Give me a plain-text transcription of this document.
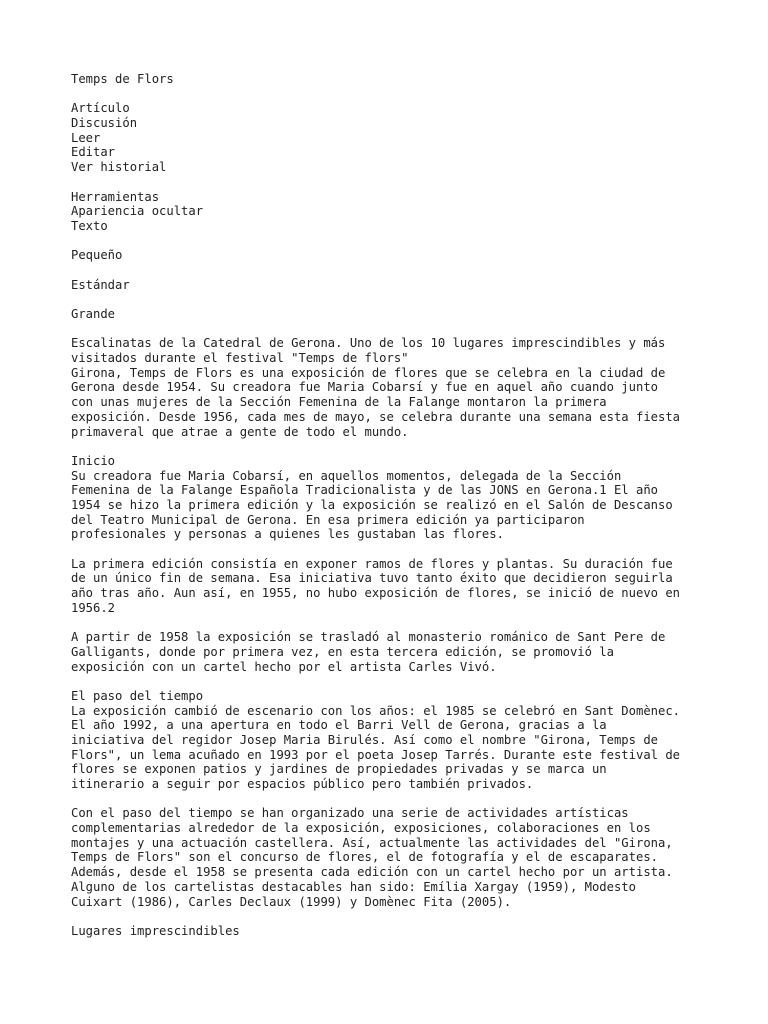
Temps de Flors
Artículo
Discusión
Leer
Editar
Ver historial
Herramientas
Apariencia ocultar
Texto
Pequeño
Estándar
Grande
Escalinatas de la Catedral de Gerona. Uno de los 10 lugares imprescindibles y más
visitados durante el festival "Temps de flors"
Girona, Temps de Flors es una exposición de flores que se celebra en la ciudad de
Gerona desde 1954. Su creadora fue Maria Cobarsí y fue en aquel año cuando junto
con unas mujeres de la Sección Femenina de la Falange montaron la primera
exposición. Desde 1956, cada mes de mayo, se celebra durante una semana esta fiesta
primaveral que atrae a gente de todo el mundo.
Inicio
Su creadora fue Maria Cobarsí, en aquellos momentos, delegada de la Sección
Femenina de la Falange Española Tradicionalista y de las JONS en Gerona.1 El año
1954 se hizo la primera edición y la exposición se realizó en el Salón de Descanso
del Teatro Municipal de Gerona. En esa primera edición ya participaron
profesionales y personas a quienes les gustaban las flores.
La primera edición consistía en exponer ramos de flores y plantas. Su duración fue
de un único fin de semana. Esa iniciativa tuvo tanto éxito que decidieron seguirla
año tras año. Aun así, en 1955, no hubo exposición de flores, se inició de nuevo en
1956.2
A partir de 1958 la exposición se trasladó al monasterio románico de Sant Pere de
Galligants, donde por primera vez, en esta tercera edición, se promovió la
exposición con un cartel hecho por el artista Carles Vivó.
El paso del tiempo
La exposición cambió de escenario con los años: el 1985 se celebró en Sant Domènec.
El año 1992, a una apertura en todo el Barri Vell de Gerona, gracias a la
iniciativa del regidor Josep Maria Birulés. Así como el nombre "Girona, Temps de
Flors", un lema acuñado en 1993 por el poeta Josep Tarrés. Durante este festival de
flores se exponen patios y jardines de propiedades privadas y se marca un
itinerario a seguir por espacios público pero también privados.
Con el paso del tiempo se han organizado una serie de actividades artísticas
complementarias alrededor de la exposición, exposiciones, colaboraciones en los
montajes y una actuación castellera. Así, actualmente las actividades del "Girona,
Temps de Flors" son el concurso de flores, el de fotografía y el de escaparates.
Además, desde el 1958 se presenta cada edición con un cartel hecho por un artista.
Alguno de los cartelistas destacables han sido: Emília Xargay (1959), Modesto
Cuixart (1986), Carles Declaux (1999) y Domènec Fita (2005).
Lugares imprescindibles
